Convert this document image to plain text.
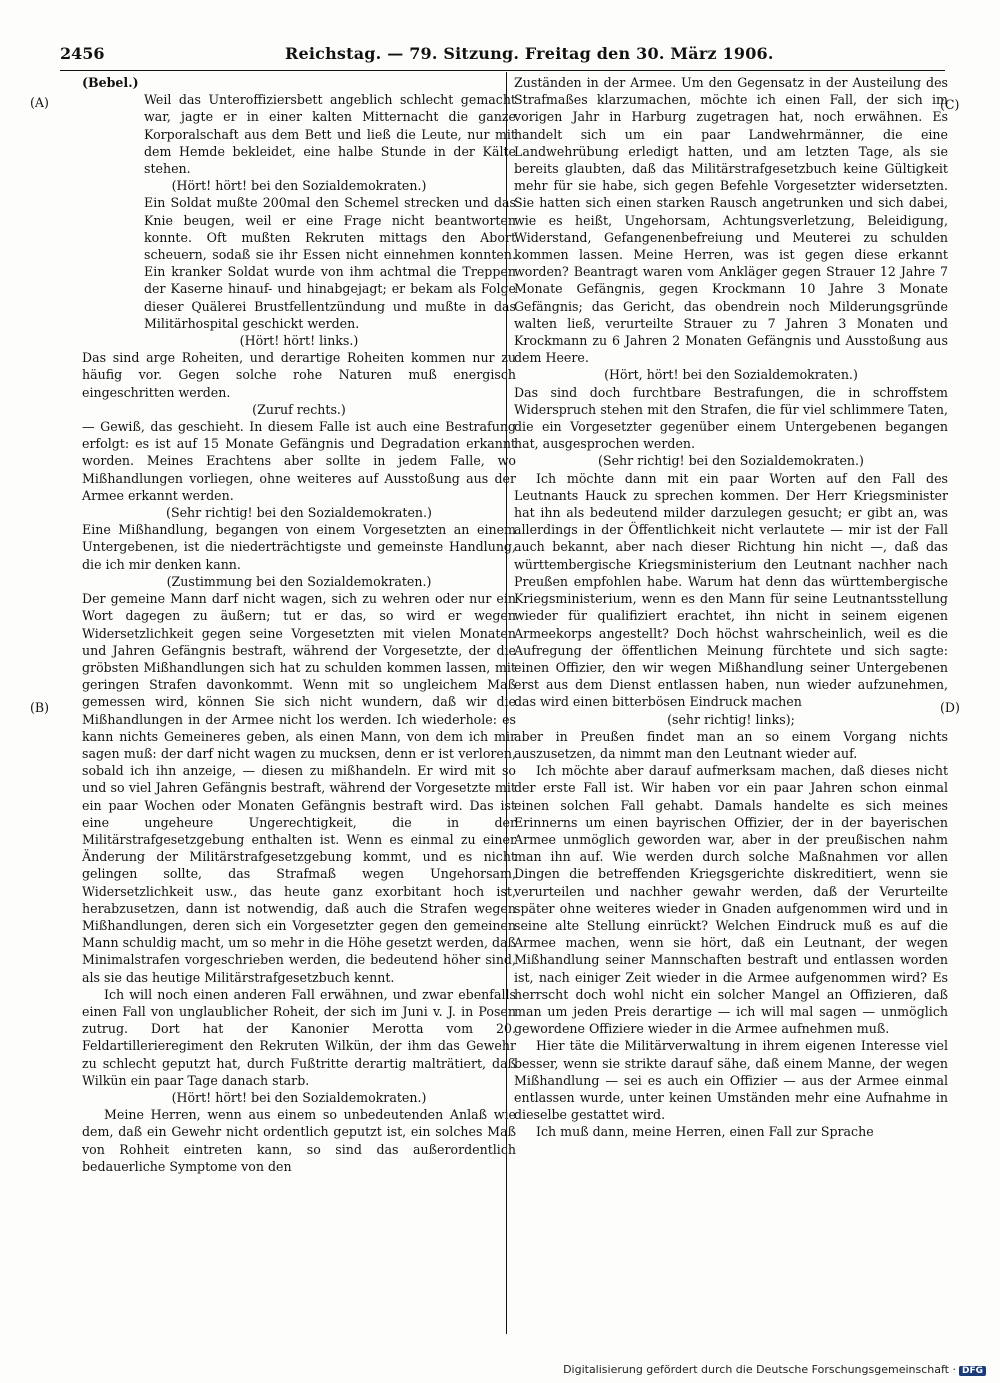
2456	Reichstag. — 79. Sitzung. Freitag den 30. März 1906.
(A)
(B)
(C)
(D)

(Bebel.)

Weil das Unteroffiziersbett angeblich schlecht gemacht war, jagte er in einer kalten Mitternacht die ganze Korporalschaft aus dem Bett und ließ die Leute, nur mit dem Hemde bekleidet, eine halbe Stunde in der Kälte stehen.

(Hört! hört! bei den Sozialdemokraten.)

Ein Soldat mußte 200mal den Schemel strecken und das Knie beugen, weil er eine Frage nicht beantworten konnte. Oft mußten Rekruten mittags den Abort scheuern, sodaß sie ihr Essen nicht einnehmen konnten. Ein kranker Soldat wurde von ihm achtmal die Treppen der Kaserne hinauf- und hinabgejagt; er bekam als Folge dieser Quälerei Brustfellentzündung und mußte in das Militärhospital geschickt werden.

(Hört! hört! links.)

Das sind arge Roheiten, und derartige Roheiten kommen nur zu häufig vor. Gegen solche rohe Naturen muß energisch eingeschritten werden.

(Zuruf rechts.)

— Gewiß, das geschieht. In diesem Falle ist auch eine Bestrafung erfolgt: es ist auf 15 Monate Gefängnis und Degradation erkannt worden. Meines Erachtens aber sollte in jedem Falle, wo Mißhandlungen vorliegen, ohne weiteres auf Ausstoßung aus der Armee erkannt werden.

(Sehr richtig! bei den Sozialdemokraten.)

Eine Mißhandlung, begangen von einem Vorgesetzten an einem Untergebenen, ist die niederträchtigste und gemeinste Handlung, die ich mir denken kann.

(Zustimmung bei den Sozialdemokraten.)

Der gemeine Mann darf nicht wagen, sich zu wehren oder nur ein Wort dagegen zu äußern; tut er das, so wird er wegen Widersetzlichkeit gegen seine Vorgesetzten mit vielen Monaten und Jahren Gefängnis bestraft, während der Vorgesetzte, der die gröbsten Mißhandlungen sich hat zu schulden kommen lassen, mit geringen Strafen davonkommt. Wenn mit so ungleichem Maß gemessen wird, können Sie sich nicht wundern, daß wir die Mißhandlungen in der Armee nicht los werden. Ich wiederhole: es kann nichts Gemeineres geben, als einen Mann, von dem ich mir sagen muß: der darf nicht wagen zu mucksen, denn er ist verloren, sobald ich ihn anzeige, — diesen zu mißhandeln. Er wird mit so und so viel Jahren Gefängnis bestraft, während der Vorgesetzte mit ein paar Wochen oder Monaten Gefängnis bestraft wird. Das ist eine ungeheure Ungerechtigkeit, die in der Militärstrafgesetzgebung enthalten ist. Wenn es einmal zu einer Änderung der Militärstrafgesetzgebung kommt, und es nicht gelingen sollte, das Strafmaß wegen Ungehorsam, Widersetzlichkeit usw., das heute ganz exorbitant hoch ist, herabzusetzen, dann ist notwendig, daß auch die Strafen wegen Mißhandlungen, deren sich ein Vorgesetzter gegen den gemeinen Mann schuldig macht, um so mehr in die Höhe gesetzt werden, daß Minimalstrafen vorgeschrieben werden, die bedeutend höher sind, als sie das heutige Militärstrafgesetzbuch kennt.

Ich will noch einen anderen Fall erwähnen, und zwar ebenfalls einen Fall von unglaublicher Roheit, der sich im Juni v. J. in Posen zutrug. Dort hat der Kanonier Merotta vom 20. Feldartillerieregiment den Rekruten Wilkün, der ihm das Gewehr zu schlecht geputzt hat, durch Fußtritte derartig malträtiert, daß Wilkün ein paar Tage danach starb.

(Hört! hört! bei den Sozialdemokraten.)

Meine Herren, wenn aus einem so unbedeutenden Anlaß wie dem, daß ein Gewehr nicht ordentlich geputzt ist, ein solches Maß von Rohheit eintreten kann, so sind das außerordentlich bedauerliche Symptome von den

Zuständen in der Armee. Um den Gegensatz in der Austeilung des Strafmaßes klarzumachen, möchte ich einen Fall, der sich im vorigen Jahr in Harburg zugetragen hat, noch erwähnen. Es handelt sich um ein paar Landwehrmänner, die eine Landwehrübung erledigt hatten, und am letzten Tage, als sie bereits glaubten, daß das Militärstrafgesetzbuch keine Gültigkeit mehr für sie habe, sich gegen Befehle Vorgesetzter widersetzten. Sie hatten sich einen starken Rausch angetrunken und sich dabei, wie es heißt, Ungehorsam, Achtungsverletzung, Beleidigung, Widerstand, Gefangenenbefreiung und Meuterei zu schulden kommen lassen. Meine Herren, was ist gegen diese erkannt worden? Beantragt waren vom Ankläger gegen Strauer 12 Jahre 7 Monate Gefängnis, gegen Krockmann 10 Jahre 3 Monate Gefängnis; das Gericht, das obendrein noch Milderungsgründe walten ließ, verurteilte Strauer zu 7 Jahren 3 Monaten und Krockmann zu 6 Jahren 2 Monaten Gefängnis und Ausstoßung aus dem Heere.

(Hört, hört! bei den Sozialdemokraten.)

Das sind doch furchtbare Bestrafungen, die in schroffstem Widerspruch stehen mit den Strafen, die für viel schlimmere Taten, die ein Vorgesetzter gegenüber einem Untergebenen begangen hat, ausgesprochen werden.

(Sehr richtig! bei den Sozialdemokraten.)

Ich möchte dann mit ein paar Worten auf den Fall des Leutnants Hauck zu sprechen kommen. Der Herr Kriegsminister hat ihn als bedeutend milder darzulegen gesucht; er gibt an, was allerdings in der Öffentlichkeit nicht verlautete — mir ist der Fall auch bekannt, aber nach dieser Richtung hin nicht —, daß das württembergische Kriegsministerium den Leutnant nachher nach Preußen empfohlen habe. Warum hat denn das württembergische Kriegsministerium, wenn es den Mann für seine Leutnantsstellung wieder für qualifiziert erachtet, ihn nicht in seinem eigenen Armeekorps angestellt? Doch höchst wahrscheinlich, weil es die Aufregung der öffentlichen Meinung fürchtete und sich sagte: einen Offizier, den wir wegen Mißhandlung seiner Untergebenen erst aus dem Dienst entlassen haben, nun wieder aufzunehmen, das wird einen bitterbösen Eindruck machen

(sehr richtig! links);

aber in Preußen findet man an so einem Vorgang nichts auszusetzen, da nimmt man den Leutnant wieder auf.

Ich möchte aber darauf aufmerksam machen, daß dieses nicht der erste Fall ist. Wir haben vor ein paar Jahren schon einmal einen solchen Fall gehabt. Damals handelte es sich meines Erinnerns um einen bayrischen Offizier, der in der bayerischen Armee unmöglich geworden war, aber in der preußischen nahm man ihn auf. Wie werden durch solche Maßnahmen vor allen Dingen die betreffenden Kriegsgerichte diskreditiert, wenn sie verurteilen und nachher gewahr werden, daß der Verurteilte später ohne weiteres wieder in Gnaden aufgenommen wird und in seine alte Stellung einrückt? Welchen Eindruck muß es auf die Armee machen, wenn sie hört, daß ein Leutnant, der wegen Mißhandlung seiner Mannschaften bestraft und entlassen worden ist, nach einiger Zeit wieder in die Armee aufgenommen wird? Es herrscht doch wohl nicht ein solcher Mangel an Offizieren, daß man um jeden Preis derartige — ich will mal sagen — unmöglich gewordene Offiziere wieder in die Armee aufnehmen muß.

Hier täte die Militärverwaltung in ihrem eigenen Interesse viel besser, wenn sie strikte darauf sähe, daß einem Manne, der wegen Mißhandlung — sei es auch ein Offizier — aus der Armee einmal entlassen wurde, unter keinen Umständen mehr eine Aufnahme in dieselbe gestattet wird.

Ich muß dann, meine Herren, einen Fall zur Sprache

Digitalisierung gefördert durch die Deutsche Forschungsgemeinschaft · DFG
